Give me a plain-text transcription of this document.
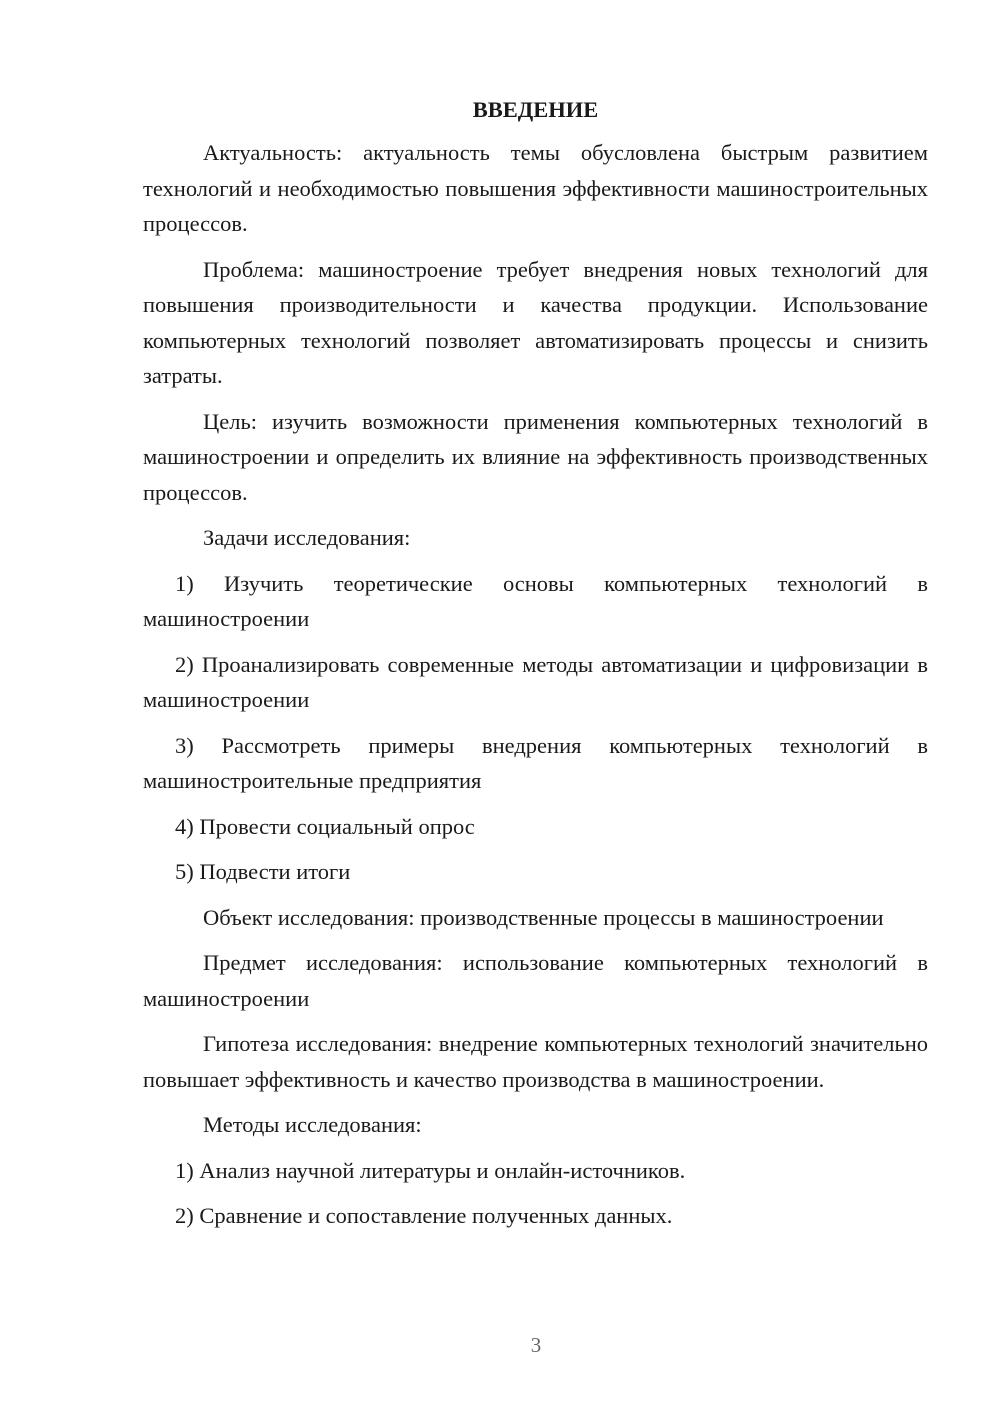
ВВЕДЕНИЕ
Актуальность: актуальность темы обусловлена быстрым развитием технологий и необходимостью повышения эффективности машиностроительных процессов.
Проблема: машиностроение требует внедрения новых технологий для повышения производительности и качества продукции. Использование компьютерных технологий позволяет автоматизировать процессы и снизить затраты.
Цель: изучить возможности применения компьютерных технологий в машиностроении и определить их влияние на эффективность производственных процессов.
Задачи исследования:
1) Изучить теоретические основы компьютерных технологий в машиностроении
2) Проанализировать современные методы автоматизации и цифровизации в машиностроении
3) Рассмотреть примеры внедрения компьютерных технологий в машиностроительные предприятия
4) Провести социальный опрос
5) Подвести итоги
Объект исследования: производственные процессы в машиностроении
Предмет исследования: использование компьютерных технологий в машиностроении
Гипотеза исследования: внедрение компьютерных технологий значительно повышает эффективность и качество производства в машиностроении.
Методы исследования:
1) Анализ научной литературы и онлайн-источников.
2) Сравнение и сопоставление полученных данных.
3
